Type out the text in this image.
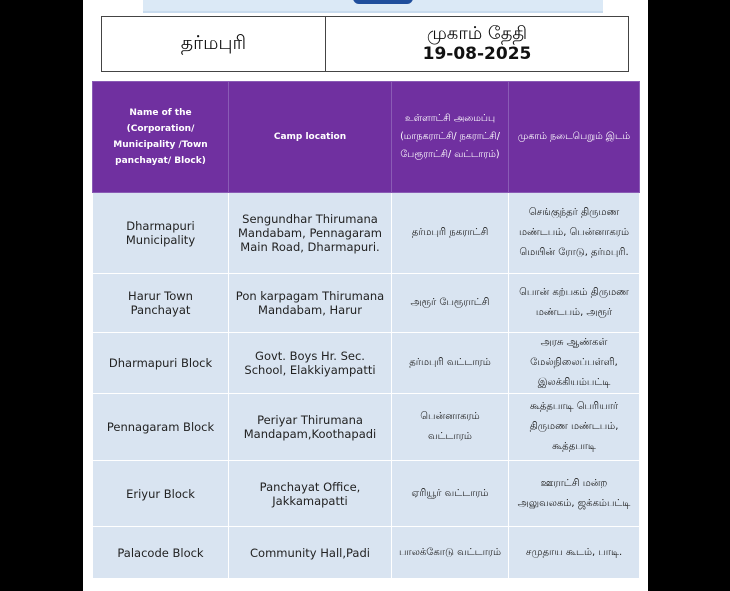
தர்மபுரி	முகாம் தேதி
19-08-2025
Name of the (Corporation/ Municipality /Town panchayat/ Block)	Camp location	உள்ளாட்சி அமைப்பு (மாநகராட்சி/ நகராட்சி/ பேரூராட்சி/ வட்டாரம்)	முகாம் நடைபெறும் இடம்
Dharmapuri Municipality	Sengundhar Thirumana Mandabam, Pennagaram Main Road, Dharmapuri.	தர்மபுரி நகராட்சி	செங்குந்தர் திருமண மண்டபம், பென்னாகரம் மெயின் ரோடு, தர்மபுரி.
Harur Town Panchayat	Pon karpagam Thirumana Mandabam, Harur	அரூர் பேரூராட்சி	பொன் கற்பகம் திருமண மண்டபம், அரூர்
Dharmapuri Block	Govt. Boys Hr. Sec. School, Elakkiyampatti	தர்மபுரி வட்டாரம்	அரசு ஆண்கள் மேல்நிலைப்பள்ளி, இலக்கியம்பட்டி
Pennagaram Block	Periyar Thirumana Mandapam,Koothapadi	பென்னாகரம் வட்டாரம்	கூத்தபாடி பெரியார் திருமண மண்டபம், கூத்தபாடி
Eriyur Block	Panchayat Office, Jakkamapatti	ஏரியூர் வட்டாரம்	ஊராட்சி மன்ற அலுவலகம், ஜக்கம்பட்டி
Palacode Block	Community Hall,Padi	பாலக்கோடு வட்டாரம்	சமுதாய கூடம், பாடி.
